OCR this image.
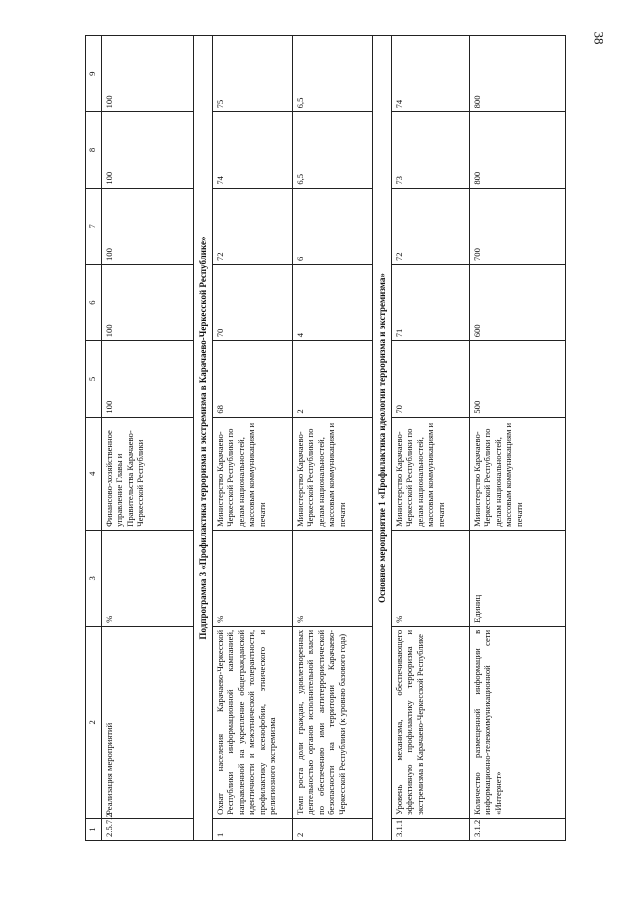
38
1	2	3	4	5	6	7	8	9
2.5.7.2	Реализация мероприятий	%	Финансово-хозяйственное управление Главы и Правительства Карачаево-Черкесской Республики	100	100	100	100	100
Подпрограмма 3 «Профилактика терроризма и экстремизма в Карачаево-Черкесской Республике»								
1	Охват населения Карачаево-Черкесской Республики информационной кампанией, направленной на укрепление общегражданской идентичности и межэтнической толерантности, профилактику ксенофобии, этнического и религиозного экстремизма	%	Министерство Карачаево-Черкесской Республики по делам национальностей, массовым коммуникациям и печати	68	70	72	74	75
2	Темп роста доли граждан, удовлетворенных деятельностью органов исполнительной власти по обеспечению ими антитеррористической безопасности на территории Карачаево-Черкесской Республики (к уровню базового года)	%	Министерство Карачаево-Черкесской Республики по делам национальностей, массовым коммуникациям и печати	2	4	6	6,5	6,5
Основное мероприятие 1 «Профилактика идеологии терроризма и экстремизма»								
3.1.1	Уровень механизма, обеспечивающего эффективную профилактику терроризма и экстремизма в Карачаево-Черкесской Республике	%	Министерство Карачаево-Черкесской Республики по делам национальностей, массовым коммуникациям и печати	70	71	72	73	74
3.1.2	Количество размещенной информации в информационно-телекоммуникационной сети «Интернет»	Единиц	Министерство Карачаево-Черкесской Республики по делам национальностей, массовым коммуникациям и печати	500	600	700	800	800
